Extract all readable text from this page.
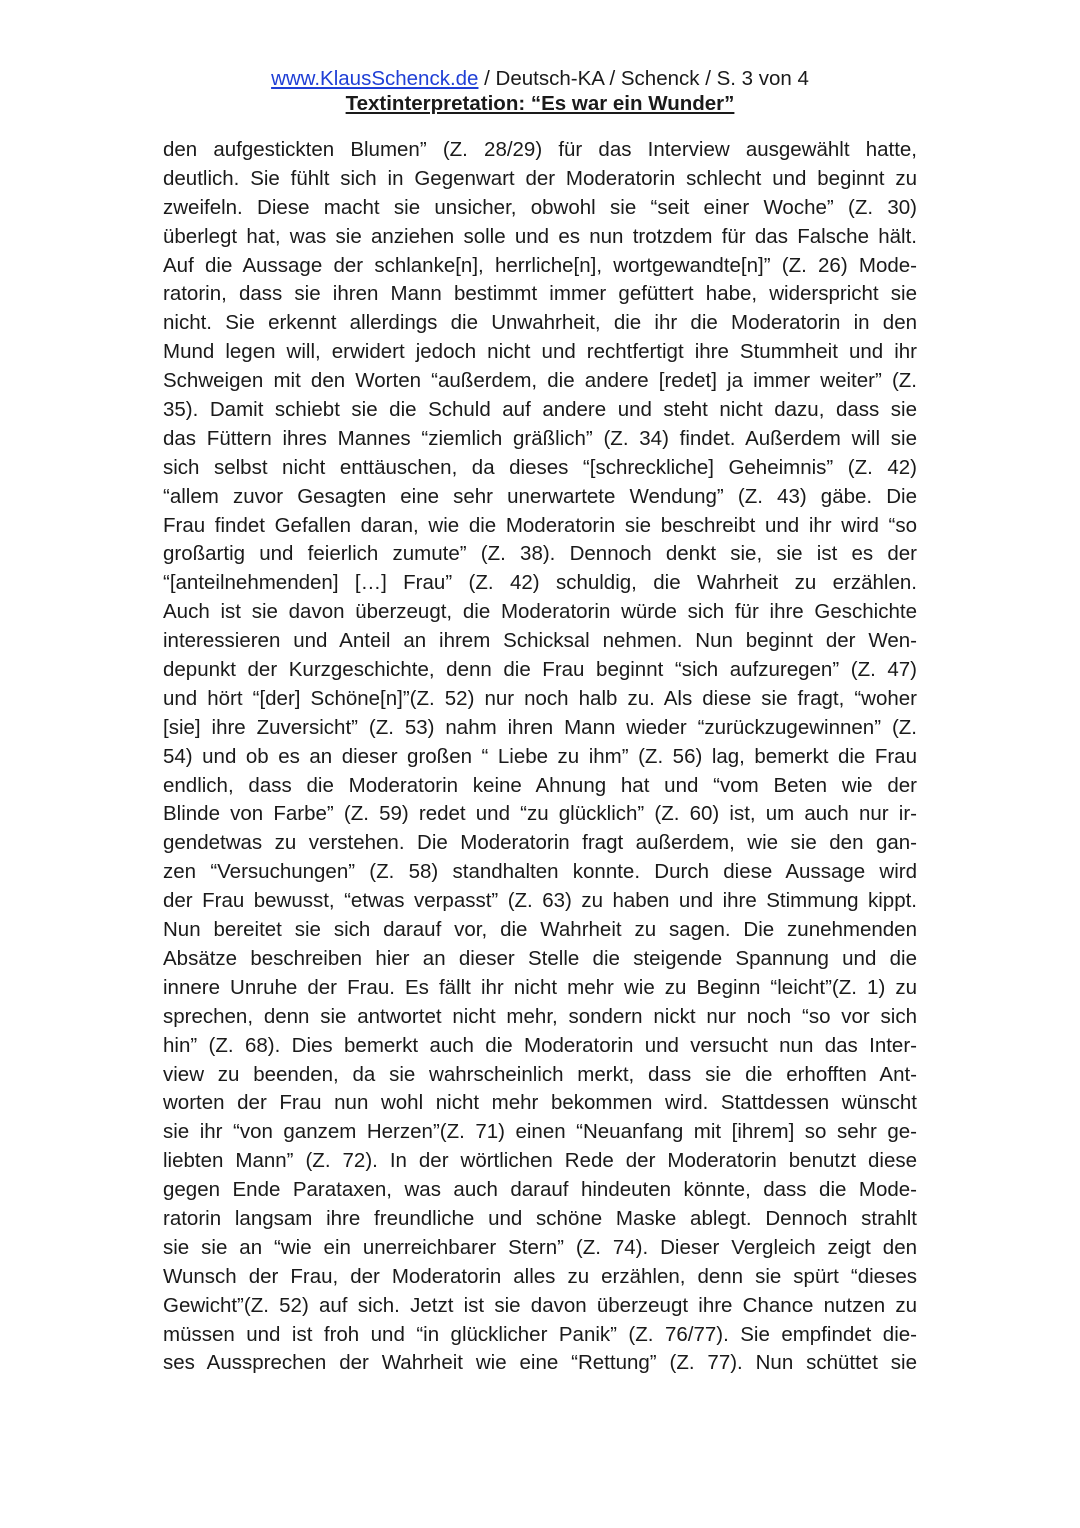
www.KlausSchenck.de / Deutsch-KA / Schenck / S. 3 von 4

Textinterpretation: “Es war ein Wunder”

den aufgestickten Blumen” (Z. 28/29) für das Interview ausgewählt hatte,
deutlich. Sie fühlt sich in Gegenwart der Moderatorin schlecht und beginnt zu
zweifeln. Diese macht sie unsicher, obwohl sie “seit einer Woche” (Z. 30)
überlegt hat, was sie anziehen solle und es nun trotzdem für das Falsche hält.
Auf die Aussage der schlanke[n], herrliche[n], wortgewandte[n]” (Z. 26) Mode-
ratorin, dass sie ihren Mann bestimmt immer gefüttert habe, widerspricht sie
nicht. Sie erkennt allerdings die Unwahrheit, die ihr die Moderatorin in den
Mund legen will, erwidert jedoch nicht und rechtfertigt ihre Stummheit und ihr
Schweigen mit den Worten “außerdem, die andere [redet] ja immer weiter” (Z.
35). Damit schiebt sie die Schuld auf andere und steht nicht dazu, dass sie
das Füttern ihres Mannes “ziemlich gräßlich” (Z. 34) findet. Außerdem will sie
sich selbst nicht enttäuschen, da dieses “[schreckliche] Geheimnis” (Z. 42)
“allem zuvor Gesagten eine sehr unerwartete Wendung” (Z. 43) gäbe. Die
Frau findet Gefallen daran, wie die Moderatorin sie beschreibt und ihr wird “so
großartig und feierlich zumute” (Z. 38). Dennoch denkt sie, sie ist es der
“[anteilnehmenden] […] Frau” (Z. 42) schuldig, die Wahrheit zu erzählen.
Auch ist sie davon überzeugt, die Moderatorin würde sich für ihre Geschichte
interessieren und Anteil an ihrem Schicksal nehmen. Nun beginnt der Wen-
depunkt der Kurzgeschichte, denn die Frau beginnt “sich aufzuregen” (Z. 47)
und hört “[der] Schöne[n]”(Z. 52) nur noch halb zu. Als diese sie fragt, “woher
[sie] ihre Zuversicht” (Z. 53) nahm ihren Mann wieder “zurückzugewinnen” (Z.
54) und ob es an dieser großen “ Liebe zu ihm” (Z. 56) lag, bemerkt die Frau
endlich, dass die Moderatorin keine Ahnung hat und “vom Beten wie der
Blinde von Farbe” (Z. 59) redet und “zu glücklich” (Z. 60) ist, um auch nur ir-
gendetwas zu verstehen. Die Moderatorin fragt außerdem, wie sie den gan-
zen “Versuchungen” (Z. 58) standhalten konnte. Durch diese Aussage wird
der Frau bewusst, “etwas verpasst” (Z. 63) zu haben und ihre Stimmung kippt.
Nun bereitet sie sich darauf vor, die Wahrheit zu sagen. Die zunehmenden
Absätze beschreiben hier an dieser Stelle die steigende Spannung und die
innere Unruhe der Frau. Es fällt ihr nicht mehr wie zu Beginn “leicht”(Z. 1) zu
sprechen, denn sie antwortet nicht mehr, sondern nickt nur noch “so vor sich
hin” (Z. 68). Dies bemerkt auch die Moderatorin und versucht nun das Inter-
view zu beenden, da sie wahrscheinlich merkt, dass sie die erhofften Ant-
worten der Frau nun wohl nicht mehr bekommen wird. Stattdessen wünscht
sie ihr “von ganzem Herzen”(Z. 71) einen “Neuanfang mit [ihrem] so sehr ge-
liebten Mann” (Z. 72). In der wörtlichen Rede der Moderatorin benutzt diese
gegen Ende Parataxen, was auch darauf hindeuten könnte, dass die Mode-
ratorin langsam ihre freundliche und schöne Maske ablegt. Dennoch strahlt
sie sie an “wie ein unerreichbarer Stern” (Z. 74). Dieser Vergleich zeigt den
Wunsch der Frau, der Moderatorin alles zu erzählen, denn sie spürt “dieses
Gewicht”(Z. 52) auf sich. Jetzt ist sie davon überzeugt ihre Chance nutzen zu
müssen und ist froh und “in glücklicher Panik” (Z. 76/77). Sie empfindet die-
ses Aussprechen der Wahrheit wie eine “Rettung” (Z. 77). Nun schüttet sie
